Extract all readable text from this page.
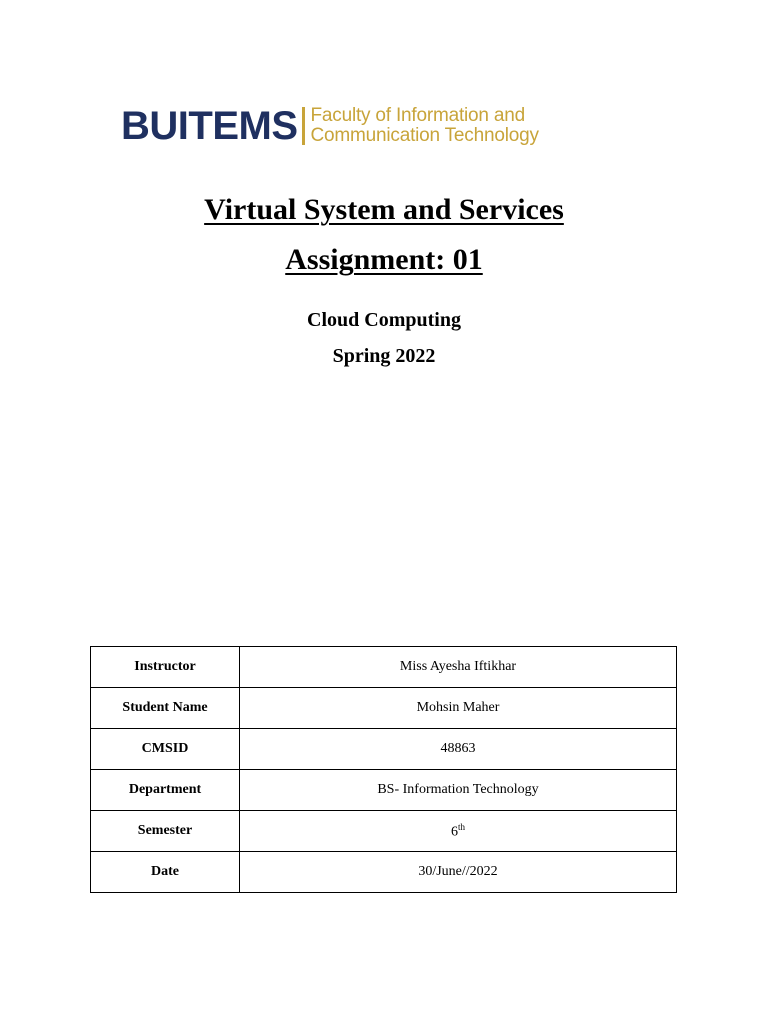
BUITEMS Faculty of Information and
Communication Technology
Virtual System and Services
Assignment: 01
Cloud Computing
Spring 2022
Instructor	Miss Ayesha Iftikhar
Student Name	Mohsin Maher
CMSID	48863
Department	BS- Information Technology
Semester	6th
Date	30/June//2022
